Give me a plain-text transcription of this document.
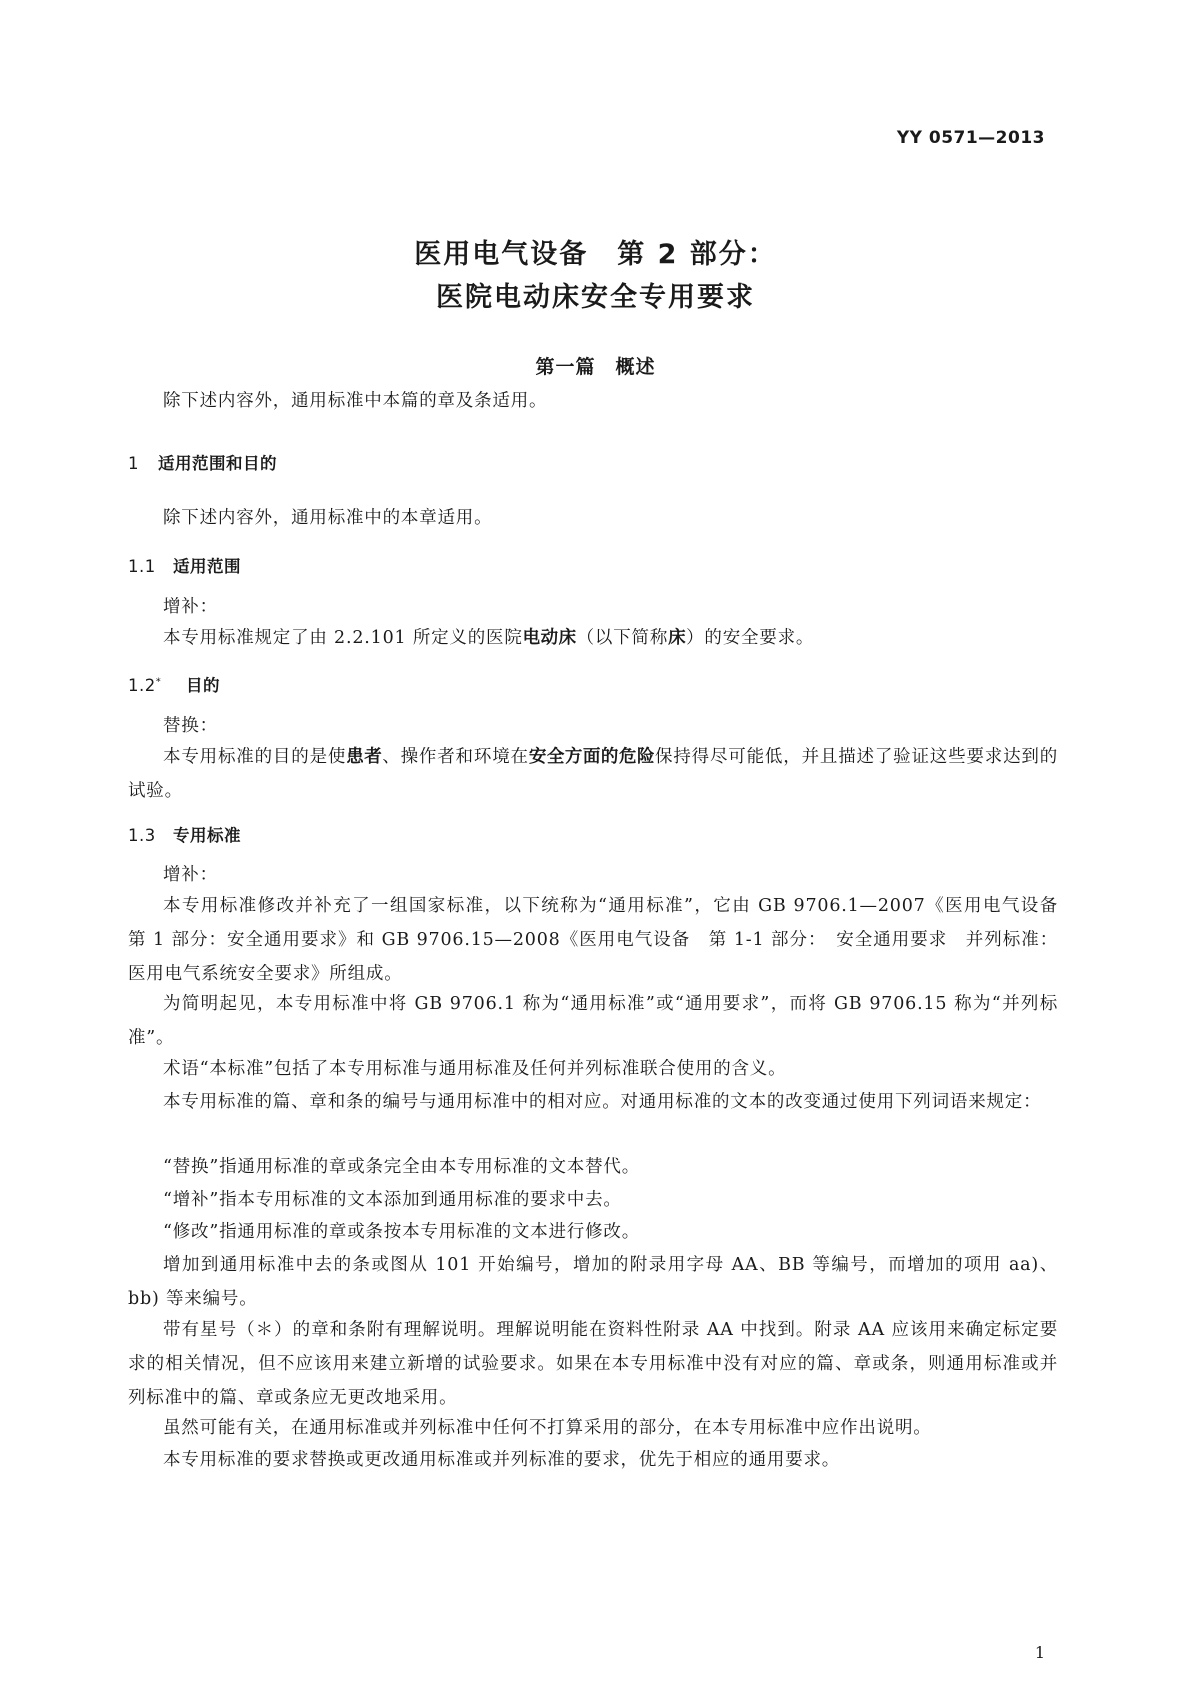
YY 0571—2013
医用电气设备　第 2 部分：
医院电动床安全专用要求
第一篇　概述
除下述内容外，通用标准中本篇的章及条适用。
1 适用范围和目的
除下述内容外，通用标准中的本章适用。
1.1 适用范围
增补：
本专用标准规定了由 2.2.101 所定义的医院电动床（以下简称床）的安全要求。
1.2* 目的
替换：
本专用标准的目的是使患者、操作者和环境在安全方面的危险保持得尽可能低，并且描述了验证这些要求达到的试验。
1.3 专用标准
增补：
本专用标准修改并补充了一组国家标准，以下统称为“通用标准”，它由 GB 9706.1—2007《医用电气设备　第 1 部分：安全通用要求》和 GB 9706.15—2008《医用电气设备　第 1-1 部分：　安全通用要求　并列标准：医用电气系统安全要求》所组成。
为简明起见，本专用标准中将 GB 9706.1 称为“通用标准”或“通用要求”，而将 GB 9706.15 称为“并列标准”。
术语“本标准”包括了本专用标准与通用标准及任何并列标准联合使用的含义。
本专用标准的篇、章和条的编号与通用标准中的相对应。对通用标准的文本的改变通过使用下列词语来规定：
“替换”指通用标准的章或条完全由本专用标准的文本替代。
“增补”指本专用标准的文本添加到通用标准的要求中去。
“修改”指通用标准的章或条按本专用标准的文本进行修改。
增加到通用标准中去的条或图从 101 开始编号，增加的附录用字母 AA、BB 等编号，而增加的项用 aa)、bb) 等来编号。
带有星号（＊）的章和条附有理解说明。理解说明能在资料性附录 AA 中找到。附录 AA 应该用来确定标定要求的相关情况，但不应该用来建立新增的试验要求。如果在本专用标准中没有对应的篇、章或条，则通用标准或并列标准中的篇、章或条应无更改地采用。
虽然可能有关，在通用标准或并列标准中任何不打算采用的部分，在本专用标准中应作出说明。
本专用标准的要求替换或更改通用标准或并列标准的要求，优先于相应的通用要求。
1
